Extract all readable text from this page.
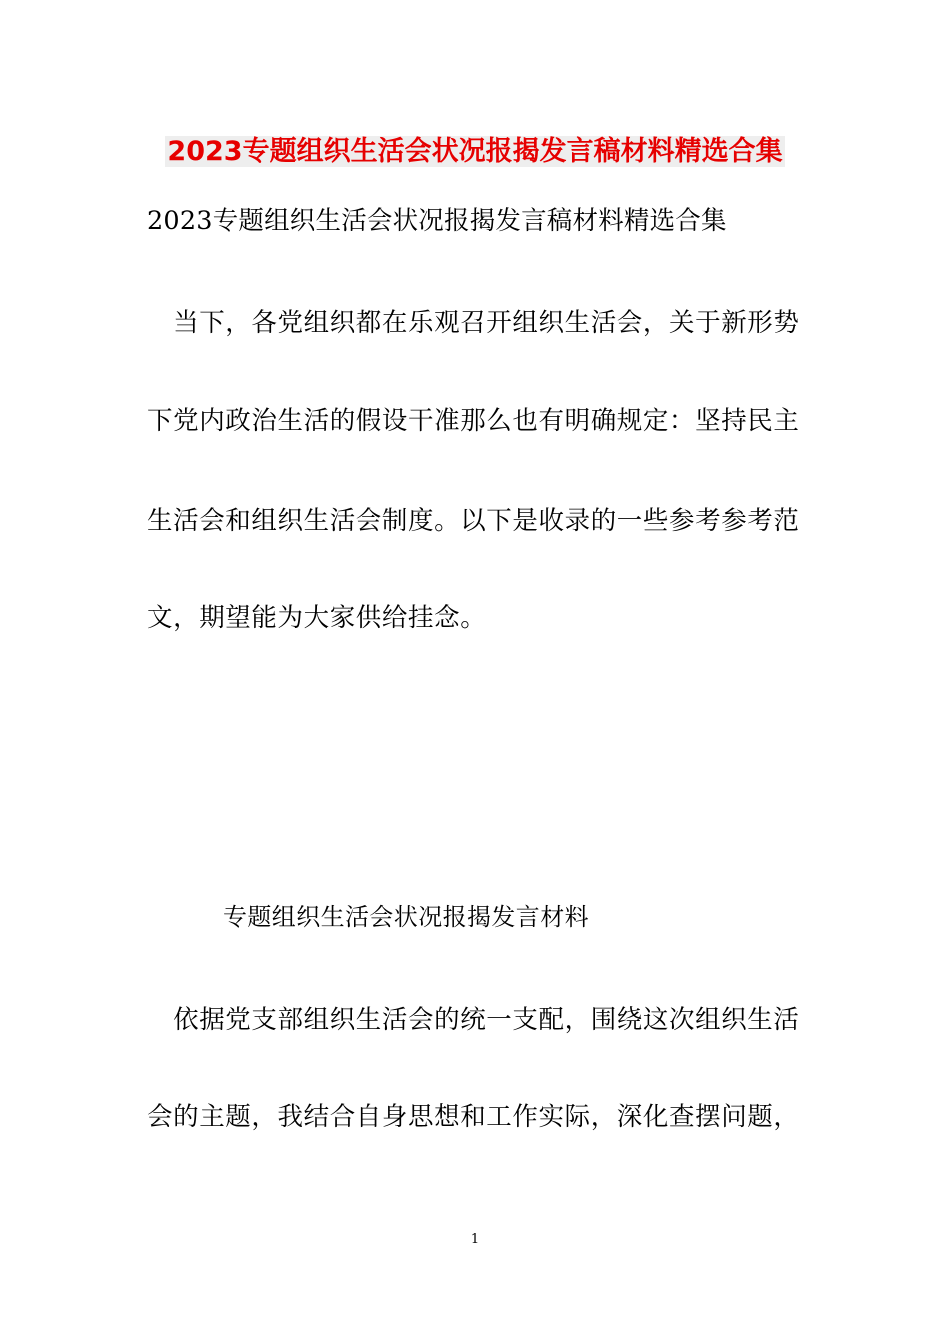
2023专题组织生活会状况报揭发言稿材料精选合集
2023专题组织生活会状况报揭发言稿材料精选合集
　当下，各党组织都在乐观召开组织生活会，关于新形势
下党内政治生活的假设干准那么也有明确规定：坚持民主
生活会和组织生活会制度。以下是收录的一些参考参考范
文，期望能为大家供给挂念。
专题组织生活会状况报揭发言材料
　依据党支部组织生活会的统一支配，围绕这次组织生活
会的主题，我结合自身思想和工作实际，深化查摆问题，
1
